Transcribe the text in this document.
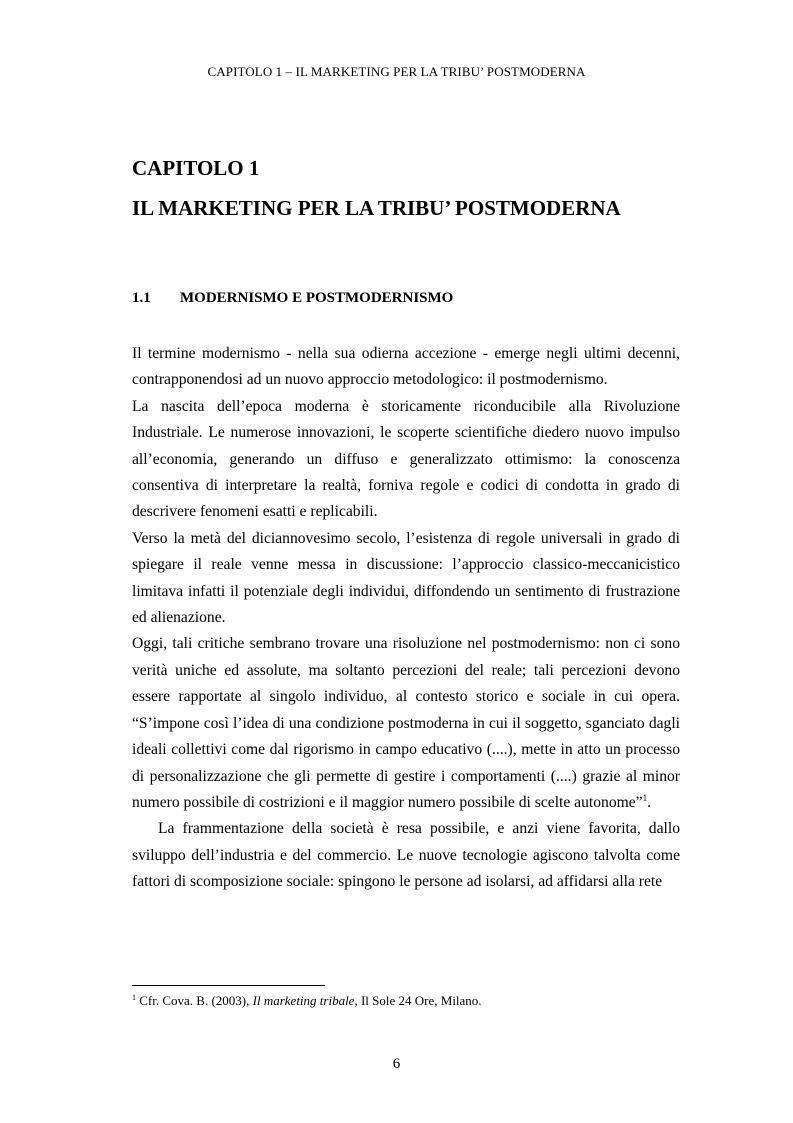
CAPITOLO 1 – IL MARKETING PER LA TRIBU’ POSTMODERNA
CAPITOLO 1
IL MARKETING PER LA TRIBU’ POSTMODERNA
1.1 MODERNISMO E POSTMODERNISMO

Il termine modernismo - nella sua odierna accezione - emerge negli ultimi decenni, contrapponendosi ad un nuovo approccio metodologico: il postmodernismo.

La nascita dell’epoca moderna è storicamente riconducibile alla Rivoluzione Industriale. Le numerose innovazioni, le scoperte scientifiche diedero nuovo impulso all’economia, generando un diffuso e generalizzato ottimismo: la conoscenza consentiva di interpretare la realtà, forniva regole e codici di condotta in grado di descrivere fenomeni esatti e replicabili.

Verso la metà del diciannovesimo secolo, l’esistenza di regole universali in grado di spiegare il reale venne messa in discussione: l’approccio classico-meccanicistico limitava infatti il potenziale degli individui, diffondendo un sentimento di frustrazione ed alienazione.

Oggi, tali critiche sembrano trovare una risoluzione nel postmodernismo: non ci sono verità uniche ed assolute, ma soltanto percezioni del reale; tali percezioni devono essere rapportate al singolo individuo, al contesto storico e sociale in cui opera. “S’impone così l’idea di una condizione postmoderna in cui il soggetto, sganciato dagli ideali collettivi come dal rigorismo in campo educativo (....), mette in atto un processo di personalizzazione che gli permette di gestire i comportamenti (....) grazie al minor numero possibile di costrizioni e il maggior numero possibile di scelte autonome”$^1$.

La frammentazione della società è resa possibile, e anzi viene favorita, dallo sviluppo dell’industria e del commercio. Le nuove tecnologie agiscono talvolta come fattori di scomposizione sociale: spingono le persone ad isolarsi, ad affidarsi alla rete

$^1$ Cfr. Cova. B. (2003), Il marketing tribale, Il Sole 24 Ore, Milano.
6
